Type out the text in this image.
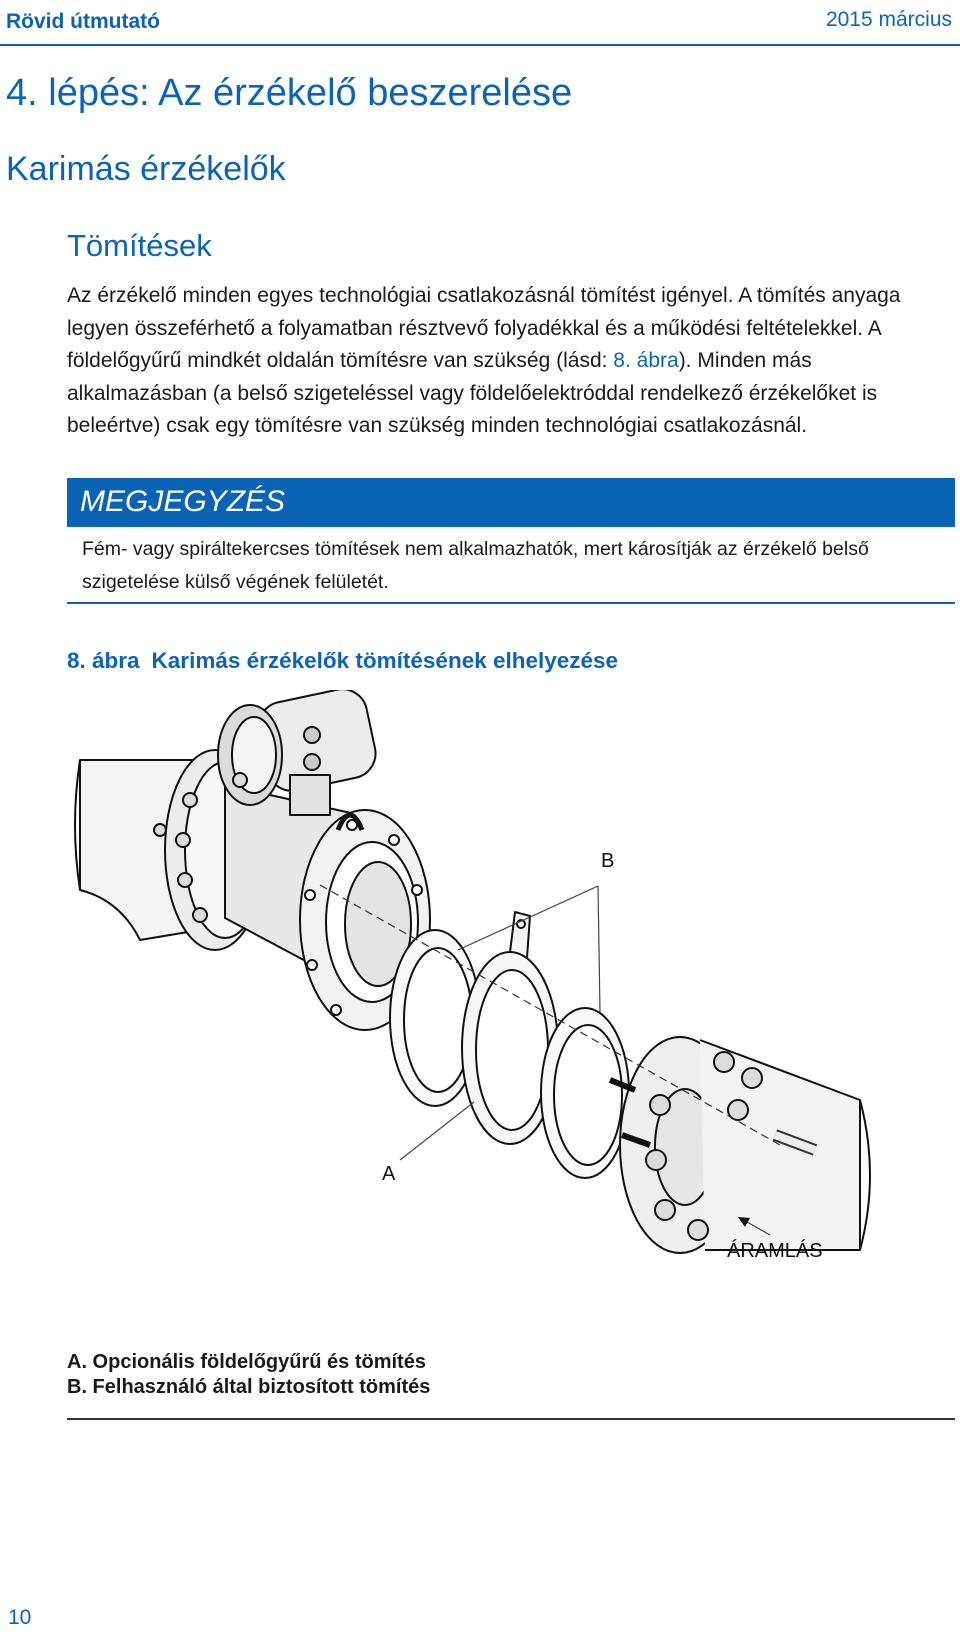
Rövid útmutató	2015 március
4. lépés: Az érzékelő beszerelése
Karimás érzékelők
Tömítések
Az érzékelő minden egyes technológiai csatlakozásnál tömítést igényel. A tömítés anyaga legyen összeférhető a folyamatban résztvevő folyadékkal és a működési feltételekkel. A földelőgyűrű mindkét oldalán tömítésre van szükség (lásd: 8. ábra). Minden más alkalmazásban (a belső szigeteléssel vagy földelőelektróddal rendelkező érzékelőket is beleértve) csak egy tömítésre van szükség minden technológiai csatlakozásnál.
MEGJEGYZÉS
Fém- vagy spiráltekercses tömítések nem alkalmazhatók, mert károsítják az érzékelő belső szigetelése külső végének felületét.
8. ábra Karimás érzékelők tömítésének elhelyezése
B
A
ÁRAMLÁS
A. Opcionális földelőgyűrű és tömítés
B. Felhasználó által biztosított tömítés
10
